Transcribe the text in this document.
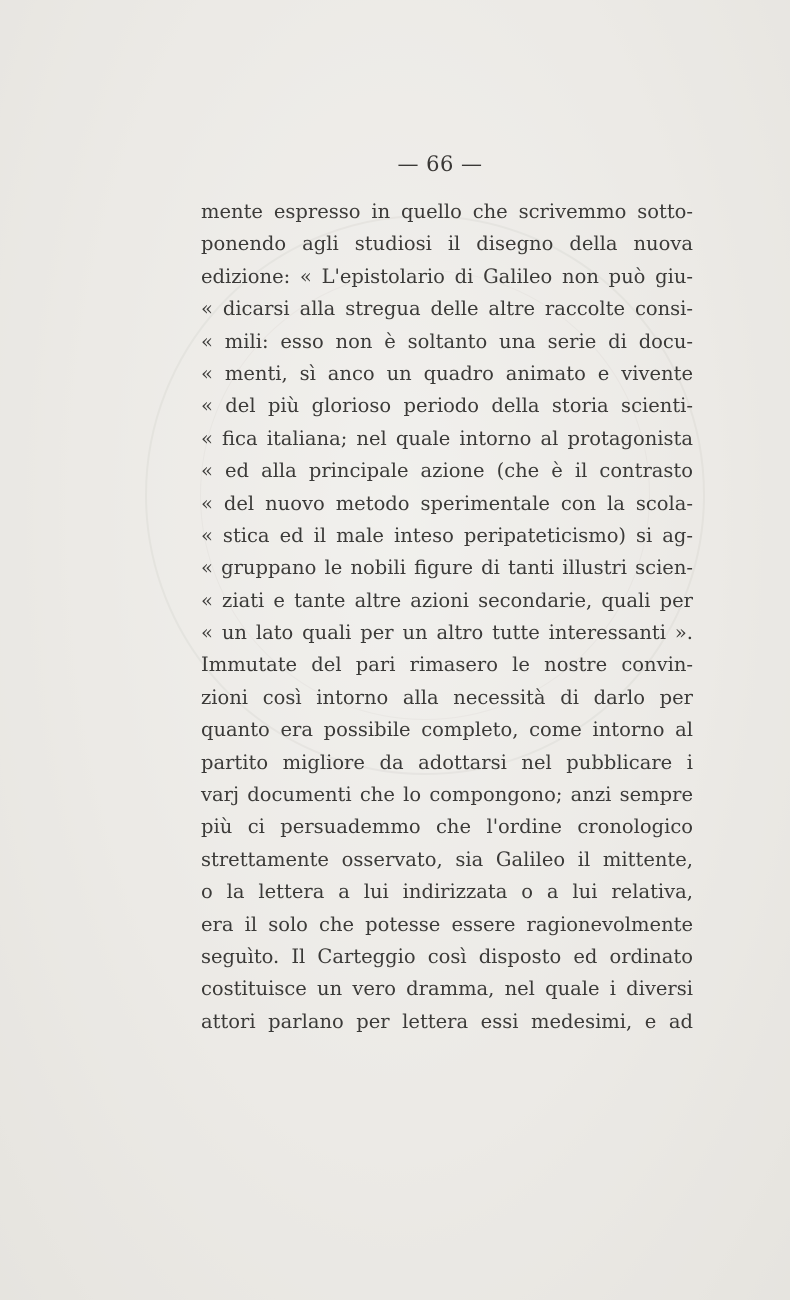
— 66 —
mente espresso in quello che scrivemmo sotto-
ponendo agli studiosi il disegno della nuova
edizione: « L'epistolario di Galileo non può giu-
« dicarsi alla stregua delle altre raccolte consi-
« mili: esso non è soltanto una serie di docu-
« menti, sì anco un quadro animato e vivente
« del più glorioso periodo della storia scienti-
« fica italiana; nel quale intorno al protagonista
« ed alla principale azione (che è il contrasto
« del nuovo metodo sperimentale con la scola-
« stica ed il male inteso peripateticismo) si ag-
« gruppano le nobili figure di tanti illustri scien-
« ziati e tante altre azioni secondarie, quali per
« un lato quali per un altro tutte interessanti ».
Immutate del pari rimasero le nostre convin-
zioni così intorno alla necessità di darlo per
quanto era possibile completo, come intorno al
partito migliore da adottarsi nel pubblicare i
varj documenti che lo compongono; anzi sempre
più ci persuademmo che l'ordine cronologico
strettamente osservato, sia Galileo il mittente,
o la lettera a lui indirizzata o a lui relativa,
era il solo che potesse essere ragionevolmente
seguìto. Il Carteggio così disposto ed ordinato
costituisce un vero dramma, nel quale i diversi
attori parlano per lettera essi medesimi, e ad
